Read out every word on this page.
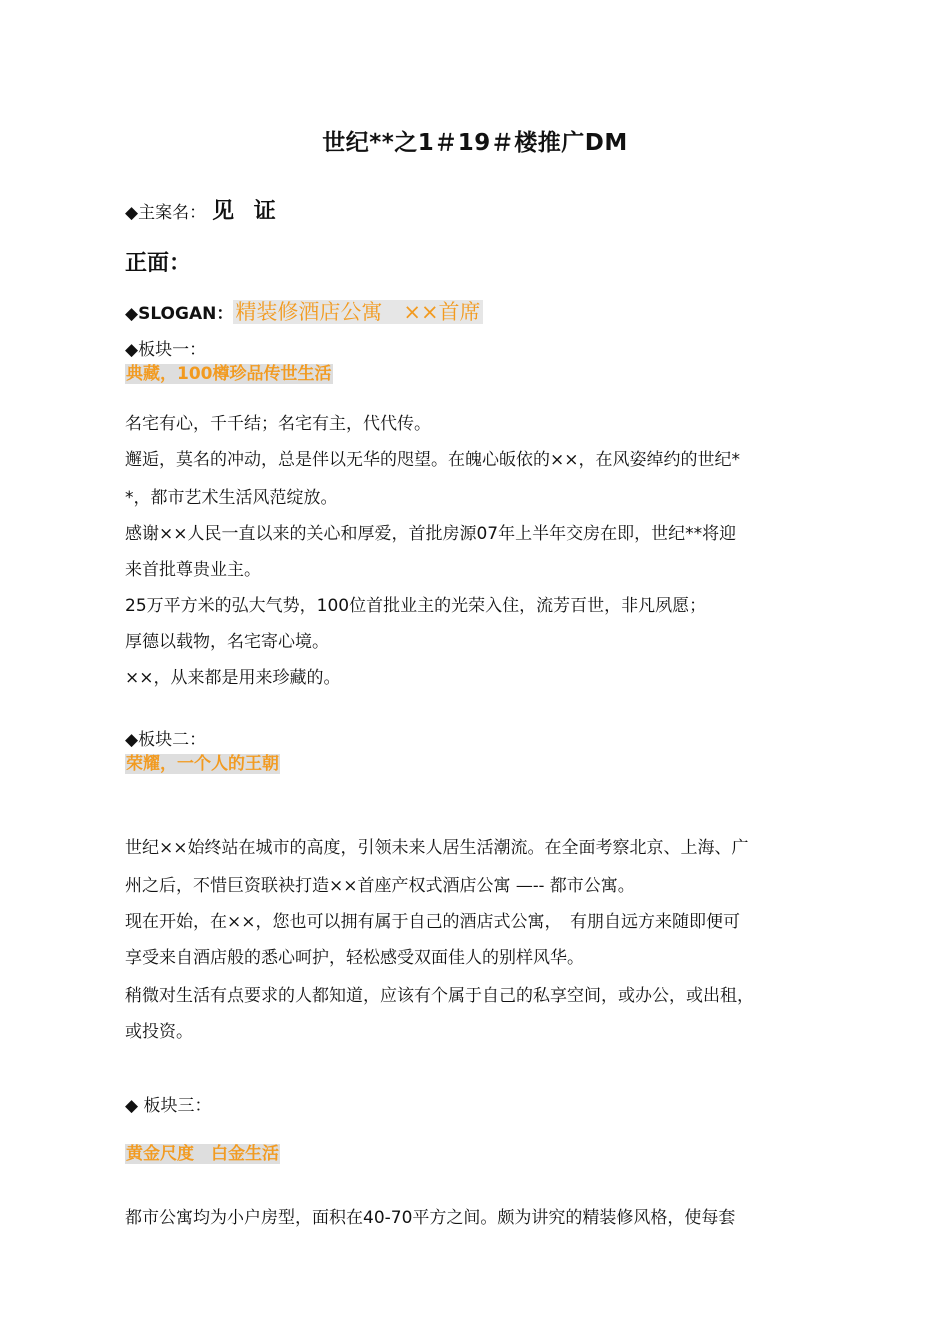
世纪**之1＃19＃楼推广DM
◆主案名： 见 证
正面：
◆SLOGAN：精装修酒店公寓　××首席
◆板块一：
典藏，100樽珍品传世生活
名宅有心，千千结；名宅有主，代代传。
邂逅，莫名的冲动，总是伴以无华的咫望。在魄心皈依的××，在风姿绰约的世纪*
*，都市艺术生活风范绽放。
感谢××人民一直以来的关心和厚爱，首批房源07年上半年交房在即，世纪**将迎
来首批尊贵业主。
25万平方米的弘大气势，100位首批业主的光荣入住，流芳百世，非凡夙愿；
厚德以载物，名宅寄心境。
××，从来都是用来珍藏的。
◆板块二：
荣耀，一个人的王朝
世纪××始终站在城市的高度，引领未来人居生活潮流。在全面考察北京、上海、广
州之后，不惜巨资联袂打造××首座产权式酒店公寓 —-- 都市公寓。
现在开始，在××，您也可以拥有属于自己的酒店式公寓，　有朋自远方来随即便可
享受来自酒店般的悉心呵护，轻松感受双面佳人的别样风华。
稍微对生活有点要求的人都知道，应该有个属于自己的私享空间，或办公，或出租，
或投资。
◆ 板块三：
黄金尺度　白金生活
都市公寓均为小户房型，面积在40-70平方之间。颇为讲究的精装修风格，使每套
